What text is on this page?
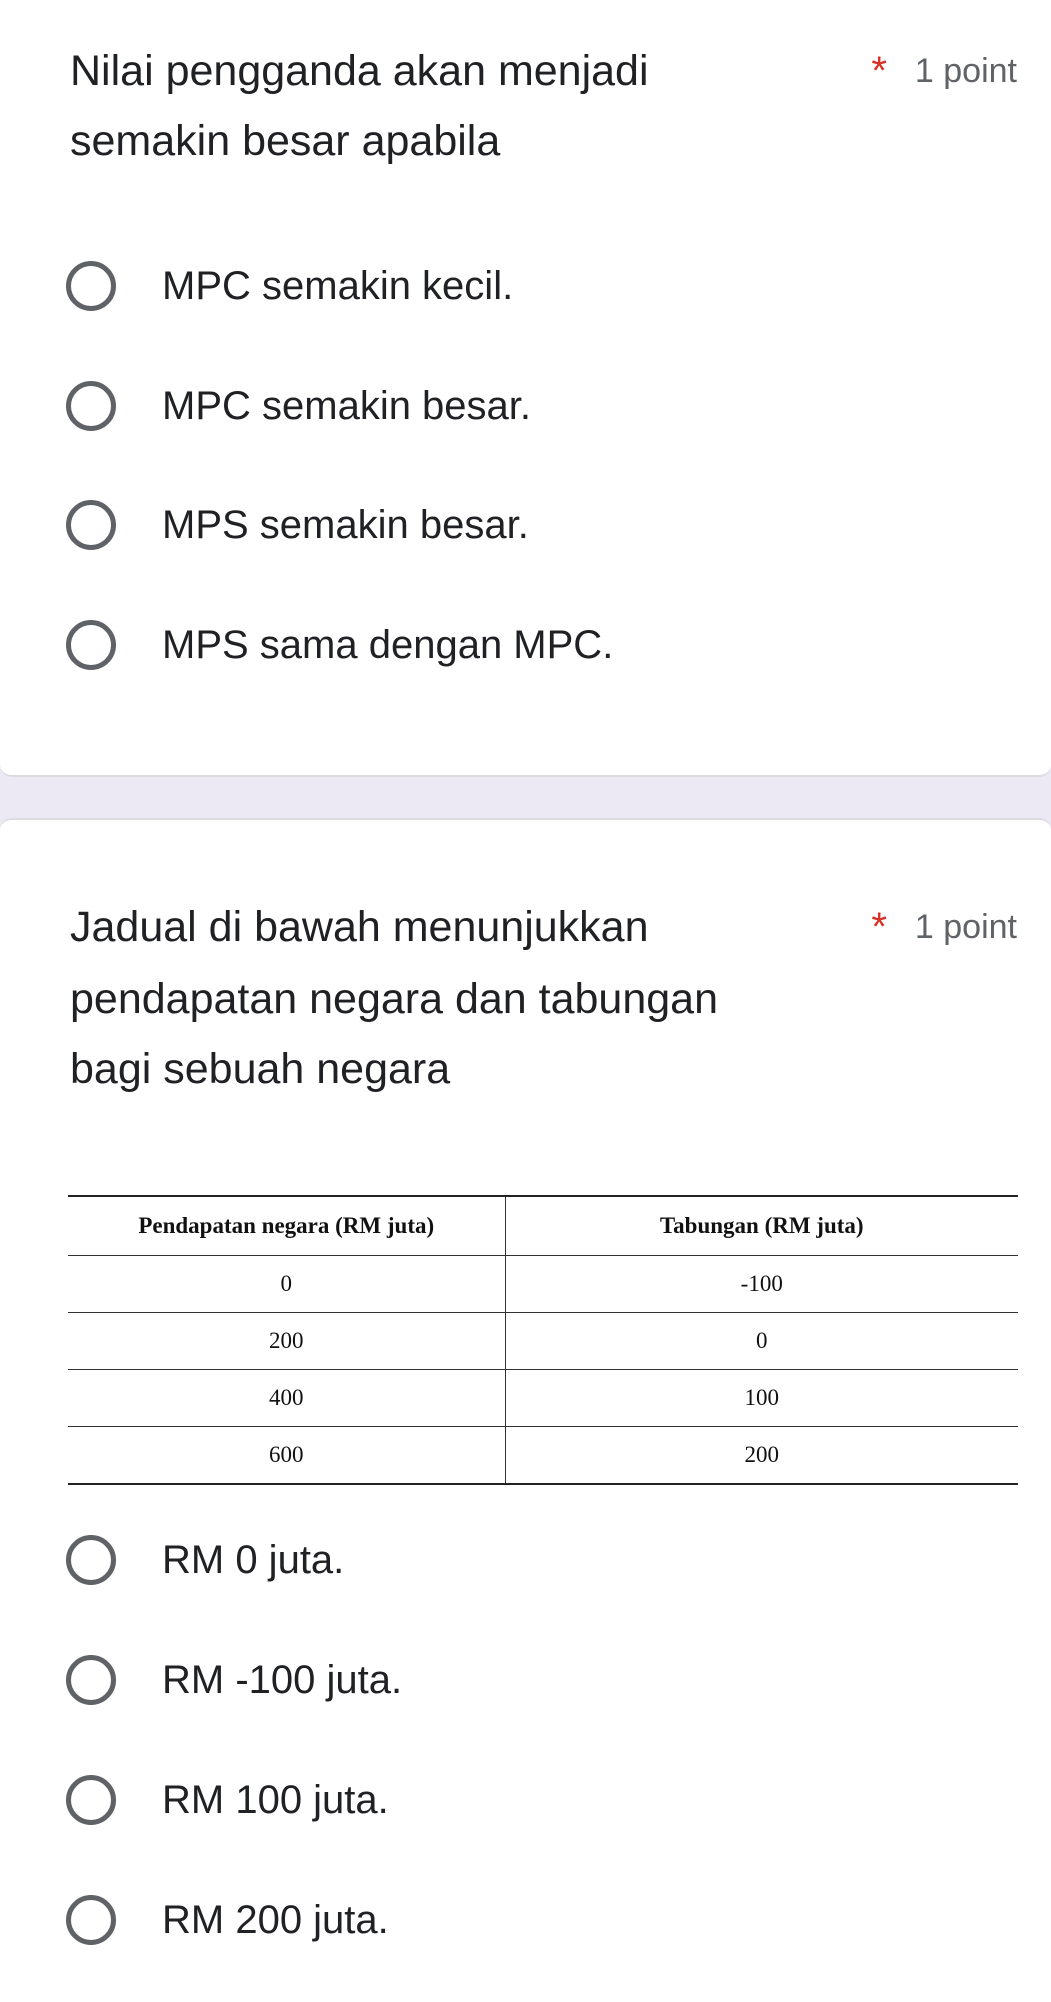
Nilai pengganda akan menjadi
semakin besar apabila
* 1 point
MPC semakin kecil.
MPC semakin besar.
MPS semakin besar.
MPS sama dengan MPC.
Jadual di bawah menunjukkan
pendapatan negara dan tabungan
bagi sebuah negara
* 1 point
Pendapatan negara (RM juta)	Tabungan (RM juta)
0	-100
200	0
400	100
600	200
RM 0 juta.
RM -100 juta.
RM 100 juta.
RM 200 juta.
